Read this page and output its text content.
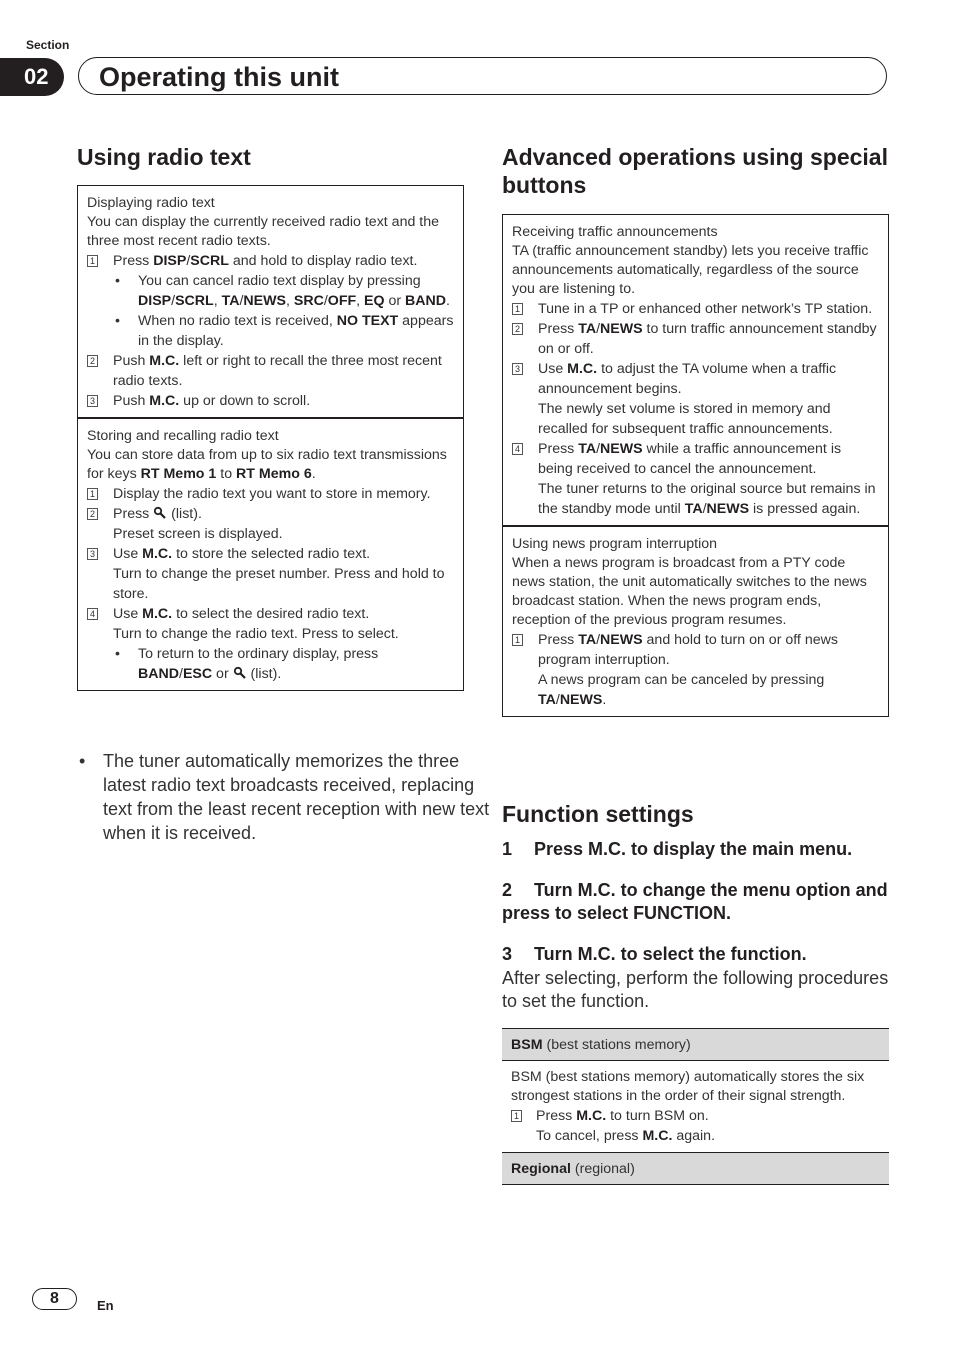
Section
02	Operating this unit
Using radio text

Displaying radio text

You can display the currently received radio text and the three most recent radio texts.

1 Press DISP/SCRL and hold to display radio text.

• You can cancel radio text display by pressing DISP/SCRL, TA/NEWS, SRC/OFF, EQ or BAND.

• When no radio text is received, NO TEXT appears in the display.

2 Push M.C. left or right to recall the three most recent radio texts.

3 Push M.C. up or down to scroll.

Storing and recalling radio text

You can store data from up to six radio text transmissions for keys RT Memo 1 to RT Memo 6.

1 Display the radio text you want to store in memory.

2 Press  (list).

Preset screen is displayed.

3 Use M.C. to store the selected radio text.

Turn to change the preset number. Press and hold to store.

4 Use M.C. to select the desired radio text.

Turn to change the radio text. Press to select.

• To return to the ordinary display, press BAND/ESC or  (list).

• The tuner automatically memorizes the three latest radio text broadcasts received, replacing text from the least recent reception with new text when it is received.

Advanced operations using special buttons

Receiving traffic announcements

TA (traffic announcement standby) lets you receive traffic announcements automatically, regardless of the source you are listening to.

1 Tune in a TP or enhanced other network’s TP station.

2 Press TA/NEWS to turn traffic announcement standby on or off.

3 Use M.C. to adjust the TA volume when a traffic announcement begins.

The newly set volume is stored in memory and recalled for subsequent traffic announcements.

4 Press TA/NEWS while a traffic announcement is being received to cancel the announcement.

The tuner returns to the original source but remains in the standby mode until TA/NEWS is pressed again.

Using news program interruption

When a news program is broadcast from a PTY code news station, the unit automatically switches to the news broadcast station. When the news program ends, reception of the previous program resumes.

1 Press TA/NEWS and hold to turn on or off news program interruption.

A news program can be canceled by pressing TA/NEWS.

Function settings

1 Press M.C. to display the main menu.

2 Turn M.C. to change the menu option and press to select FUNCTION.

3 Turn M.C. to select the function.

After selecting, perform the following procedures to set the function.

BSM (best stations memory)

BSM (best stations memory) automatically stores the six strongest stations in the order of their signal strength.

1 Press M.C. to turn BSM on.

To cancel, press M.C. again.

Regional (regional)
8	En
